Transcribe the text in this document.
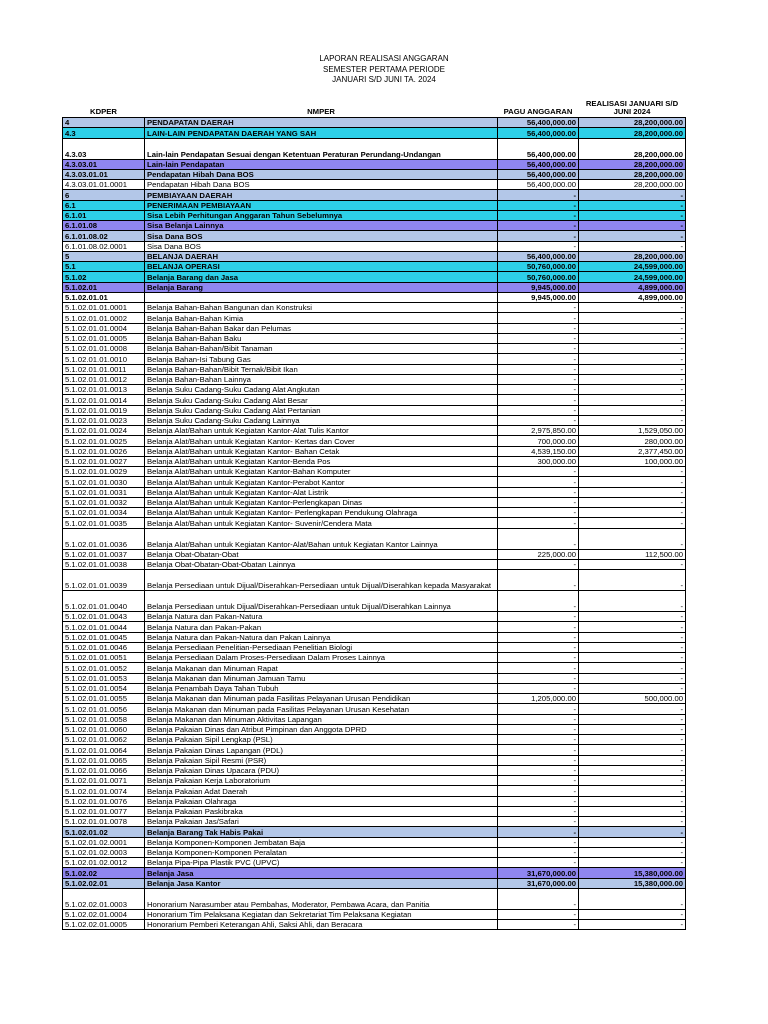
LAPORAN REALISASI ANGGARAN
SEMESTER PERTAMA PERIODE
JANUARI S/D JUNI TA. 2024
KDPER	NMPER	PAGU ANGGARAN	REALISASI JANUARI S/D
JUNI 2024

4	PENDAPATAN DAERAH	56,400,000.00	28,200,000.00
4.3	LAIN-LAIN PENDAPATAN DAERAH YANG SAH	56,400,000.00	28,200,000.00
4.3.03	Lain-lain Pendapatan Sesuai dengan Ketentuan Peraturan Perundang-Undangan	56,400,000.00	28,200,000.00
4.3.03.01	Lain-lain Pendapatan	56,400,000.00	28,200,000.00
4.3.03.01.01	Pendapatan Hibah Dana BOS	56,400,000.00	28,200,000.00
4.3.03.01.01.0001	Pendapatan Hibah Dana BOS	56,400,000.00	28,200,000.00
6	PEMBIAYAAN DAERAH	-	-
6.1	PENERIMAAN PEMBIAYAAN	-	-
6.1.01	Sisa Lebih Perhitungan Anggaran Tahun Sebelumnya	-	-
6.1.01.08	Sisa Belanja Lainnya	-	-
6.1.01.08.02	Sisa Dana BOS	-	-
6.1.01.08.02.0001	Sisa Dana BOS	-	-
5	BELANJA DAERAH	56,400,000.00	28,200,000.00
5.1	BELANJA OPERASI	50,760,000.00	24,599,000.00
5.1.02	Belanja Barang dan Jasa	50,760,000.00	24,599,000.00
5.1.02.01	Belanja Barang	9,945,000.00	4,899,000.00
5.1.02.01.01		9,945,000.00	4,899,000.00
5.1.02.01.01.0001	Belanja Bahan-Bahan Bangunan dan Konstruksi	-	-
5.1.02.01.01.0002	Belanja Bahan-Bahan Kimia	-	-
5.1.02.01.01.0004	Belanja Bahan-Bahan Bakar dan Pelumas	-	-
5.1.02.01.01.0005	Belanja Bahan-Bahan Baku	-	-
5.1.02.01.01.0008	Belanja Bahan-Bahan/Bibit Tanaman	-	-
5.1.02.01.01.0010	Belanja Bahan-Isi Tabung Gas	-	-
5.1.02.01.01.0011	Belanja Bahan-Bahan/Bibit Ternak/Bibit Ikan	-	-
5.1.02.01.01.0012	Belanja Bahan-Bahan Lainnya	-	-
5.1.02.01.01.0013	Belanja Suku Cadang-Suku Cadang Alat Angkutan	-	-
5.1.02.01.01.0014	Belanja Suku Cadang-Suku Cadang Alat Besar	-	-
5.1.02.01.01.0019	Belanja Suku Cadang-Suku Cadang Alat Pertanian	-	-
5.1.02.01.01.0023	Belanja Suku Cadang-Suku Cadang Lainnya	-	-
5.1.02.01.01.0024	Belanja Alat/Bahan untuk Kegiatan Kantor-Alat Tulis Kantor	2,975,850.00	1,529,050.00
5.1.02.01.01.0025	Belanja Alat/Bahan untuk Kegiatan Kantor- Kertas dan Cover	700,000.00	280,000.00
5.1.02.01.01.0026	Belanja Alat/Bahan untuk Kegiatan Kantor- Bahan Cetak	4,539,150.00	2,377,450.00
5.1.02.01.01.0027	Belanja Alat/Bahan untuk Kegiatan Kantor-Benda Pos	300,000.00	100,000.00
5.1.02.01.01.0029	Belanja Alat/Bahan untuk Kegiatan Kantor-Bahan Komputer	-	-
5.1.02.01.01.0030	Belanja Alat/Bahan untuk Kegiatan Kantor-Perabot Kantor	-	-
5.1.02.01.01.0031	Belanja Alat/Bahan untuk Kegiatan Kantor-Alat Listrik	-	-
5.1.02.01.01.0032	Belanja Alat/Bahan untuk Kegiatan Kantor-Perlengkapan Dinas	-	-
5.1.02.01.01.0034	Belanja Alat/Bahan untuk Kegiatan Kantor- Perlengkapan Pendukung Olahraga	-	-
5.1.02.01.01.0035	Belanja Alat/Bahan untuk Kegiatan Kantor- Suvenir/Cendera Mata	-	-
5.1.02.01.01.0036	Belanja Alat/Bahan untuk Kegiatan Kantor-Alat/Bahan untuk Kegiatan Kantor Lainnya	-	-
5.1.02.01.01.0037	Belanja Obat-Obatan-Obat	225,000.00	112,500.00
5.1.02.01.01.0038	Belanja Obat-Obatan-Obat-Obatan Lainnya	-	-
5.1.02.01.01.0039	Belanja Persediaan untuk Dijual/Diserahkan-Persediaan untuk Dijual/Diserahkan kepada Masyarakat	-	-
5.1.02.01.01.0040	Belanja Persediaan untuk Dijual/Diserahkan-Persediaan untuk Dijual/Diserahkan Lainnya	-	-
5.1.02.01.01.0043	Belanja Natura dan Pakan-Natura	-	-
5.1.02.01.01.0044	Belanja Natura dan Pakan-Pakan	-	-
5.1.02.01.01.0045	Belanja Natura dan Pakan-Natura dan Pakan Lainnya	-	-
5.1.02.01.01.0046	Belanja Persediaan Penelitian-Persediaan Penelitian Biologi	-	-
5.1.02.01.01.0051	Belanja Persediaan Dalam Proses-Persediaan Dalam Proses Lainnya	-	-
5.1.02.01.01.0052	Belanja Makanan dan Minuman Rapat	-	-
5.1.02.01.01.0053	Belanja Makanan dan Minuman Jamuan Tamu	-	-
5.1.02.01.01.0054	Belanja Penambah Daya Tahan Tubuh	-	-
5.1.02.01.01.0055	Belanja Makanan dan Minuman pada Fasilitas Pelayanan Urusan Pendidikan	1,205,000.00	500,000.00
5.1.02.01.01.0056	Belanja Makanan dan Minuman pada Fasilitas Pelayanan Urusan Kesehatan	-	-
5.1.02.01.01.0058	Belanja Makanan dan Minuman Aktivitas Lapangan	-	-
5.1.02.01.01.0060	Belanja Pakaian Dinas dan Atribut Pimpinan dan Anggota DPRD	-	-
5.1.02.01.01.0062	Belanja Pakaian Sipil Lengkap (PSL)	-	-
5.1.02.01.01.0064	Belanja Pakaian Dinas Lapangan (PDL)	-	-
5.1.02.01.01.0065	Belanja Pakaian Sipil Resmi (PSR)	-	-
5.1.02.01.01.0066	Belanja Pakaian Dinas Upacara (PDU)	-	-
5.1.02.01.01.0071	Belanja Pakaian Kerja Laboratorium	-	-
5.1.02.01.01.0074	Belanja Pakaian Adat Daerah	-	-
5.1.02.01.01.0076	Belanja Pakaian Olahraga	-	-
5.1.02.01.01.0077	Belanja Pakaian Paskibraka	-	-
5.1.02.01.01.0078	Belanja Pakaian Jas/Safari	-	-
5.1.02.01.02	Belanja Barang Tak Habis Pakai	-	-
5.1.02.01.02.0001	Belanja Komponen-Komponen Jembatan Baja	-	-
5.1.02.01.02.0003	Belanja Komponen-Komponen Peralatan	-	-
5.1.02.01.02.0012	Belanja Pipa-Pipa Plastik PVC (UPVC)	-	-
5.1.02.02	Belanja Jasa	31,670,000.00	15,380,000.00
5.1.02.02.01	Belanja Jasa Kantor	31,670,000.00	15,380,000.00
5.1.02.02.01.0003	Honorarium Narasumber atau Pembahas, Moderator, Pembawa Acara, dan Panitia	-	-
5.1.02.02.01.0004	Honorarium Tim Pelaksana Kegiatan dan Sekretariat Tim Pelaksana Kegiatan	-	-
5.1.02.02.01.0005	Honorarium Pemberi Keterangan Ahli, Saksi Ahli, dan Beracara	-	-
